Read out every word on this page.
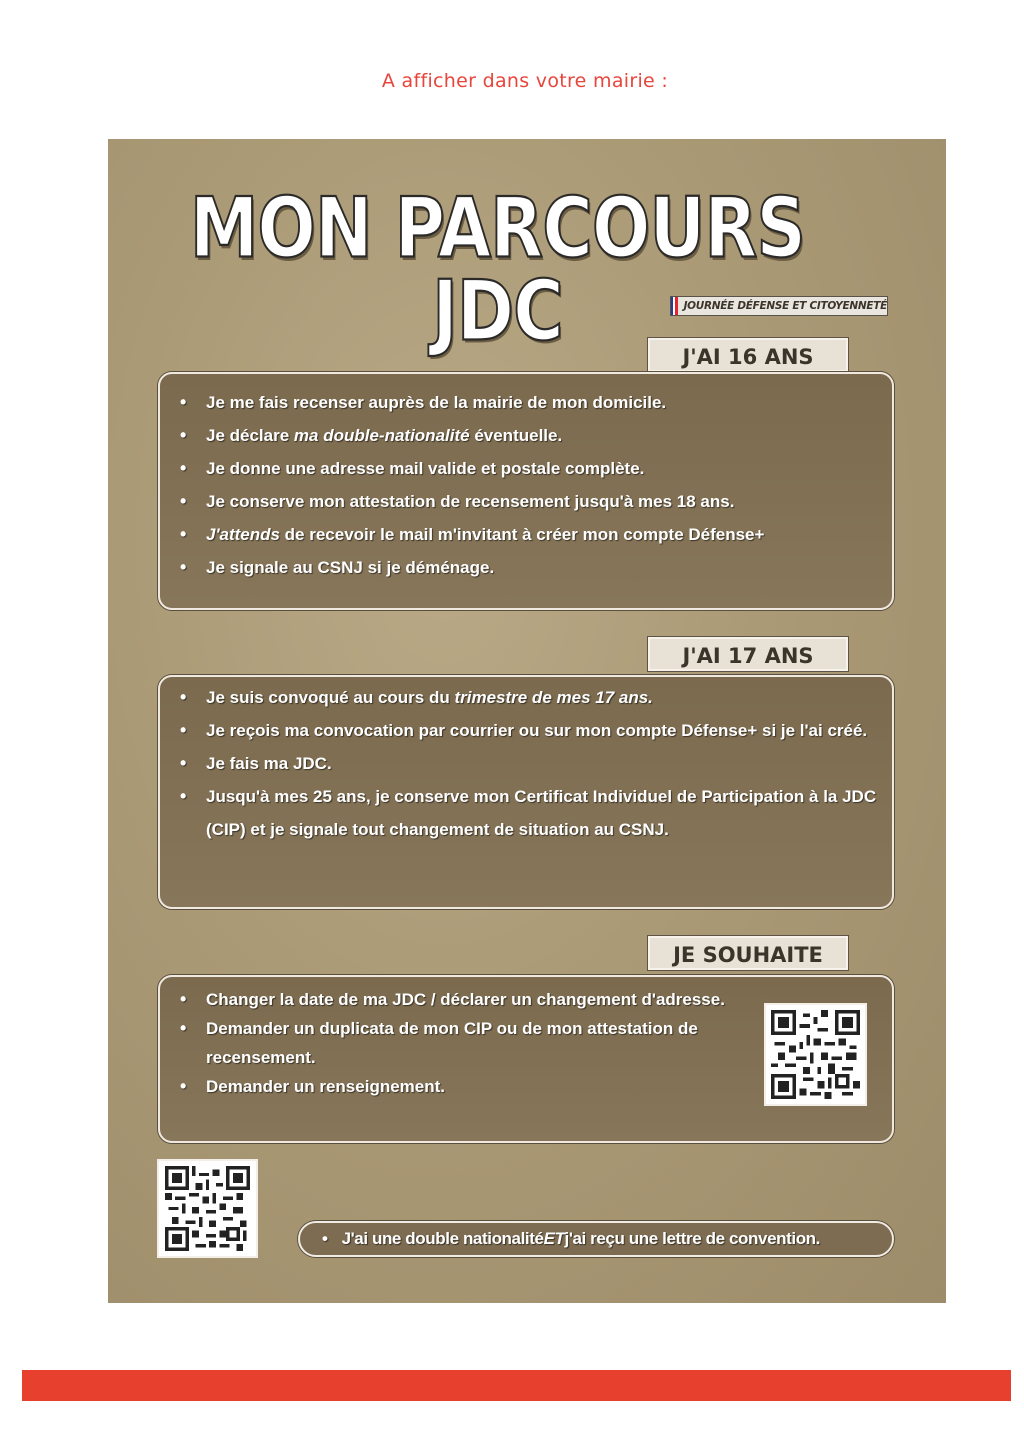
A afficher dans votre mairie :
MON PARCOURS JDC	JOURNÉE DÉFENSE ET CITOYENNETÉ
J'AI 16 ANS
• Je me fais recenser auprès de la mairie de mon domicile.
• Je déclare ma double-nationalité éventuelle.
• Je donne une adresse mail valide et postale complète.
• Je conserve mon attestation de recensement jusqu'à mes 18 ans.
• J'attends de recevoir le mail m'invitant à créer mon compte Défense+
• Je signale au CSNJ si je déménage.
J'AI 17 ANS
• Je suis convoqué au cours du trimestre de mes 17 ans.
• Je reçois ma convocation par courrier ou sur mon compte Défense+ si je l'ai créé.
• Je fais ma JDC.
• Jusqu'à mes 25 ans, je conserve mon Certificat Individuel de Participation à la JDC (CIP) et je signale tout changement de situation au CSNJ.
JE SOUHAITE
• Changer la date de ma JDC / déclarer un changement d'adresse.
• Demander un duplicata de mon CIP ou de mon attestation de recensement.
• Demander un renseignement.
• J'ai une double nationalité ET j'ai reçu une lettre de convention.
